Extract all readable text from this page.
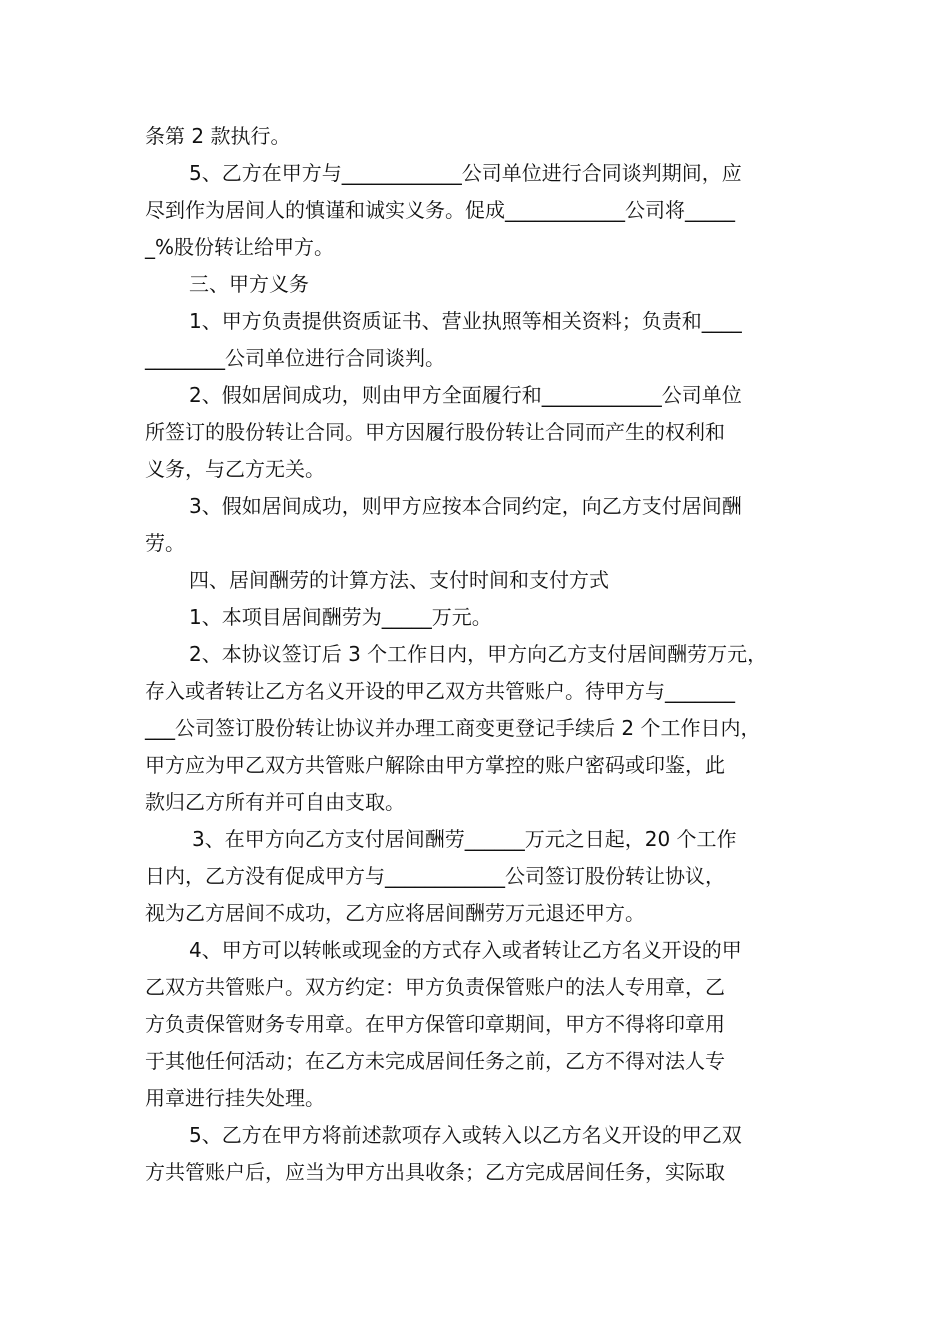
条第 2 款执行。
5、乙方在甲方与____________公司单位进行合同谈判期间，应
尽到作为居间人的慎谨和诚实义务。促成____________公司将_____
_%股份转让给甲方。
三、甲方义务
1、甲方负责提供资质证书、营业执照等相关资料；负责和____
________公司单位进行合同谈判。
2、假如居间成功，则由甲方全面履行和____________公司单位
所签订的股份转让合同。甲方因履行股份转让合同而产生的权利和
义务，与乙方无关。
3、假如居间成功，则甲方应按本合同约定，向乙方支付居间酬
劳。
四、居间酬劳的计算方法、支付时间和支付方式
1、本项目居间酬劳为_____万元。
2、本协议签订后 3 个工作日内，甲方向乙方支付居间酬劳万元，
存入或者转让乙方名义开设的甲乙双方共管账户。待甲方与_______
___公司签订股份转让协议并办理工商变更登记手续后 2 个工作日内，
甲方应为甲乙双方共管账户解除由甲方掌控的账户密码或印鉴，此
款归乙方所有并可自由支取。
3、在甲方向乙方支付居间酬劳______万元之日起，20 个工作
日内，乙方没有促成甲方与____________公司签订股份转让协议，
视为乙方居间不成功，乙方应将居间酬劳万元退还甲方。
4、甲方可以转帐或现金的方式存入或者转让乙方名义开设的甲
乙双方共管账户。双方约定：甲方负责保管账户的法人专用章，乙
方负责保管财务专用章。在甲方保管印章期间，甲方不得将印章用
于其他任何活动；在乙方未完成居间任务之前，乙方不得对法人专
用章进行挂失处理。
5、乙方在甲方将前述款项存入或转入以乙方名义开设的甲乙双
方共管账户后，应当为甲方出具收条；乙方完成居间任务，实际取
